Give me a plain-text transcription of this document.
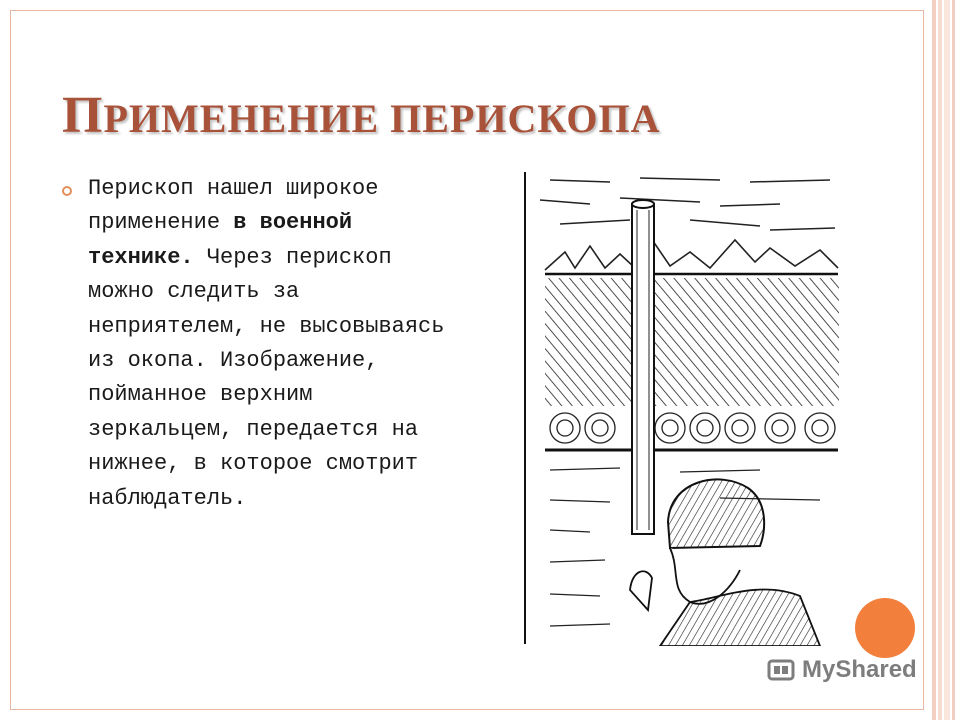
ПРИМЕНЕНИЕ ПЕРИСКОПА
Перископ нашел широкое применение в военной технике. Через перископ можно следить за неприятелем, не высовываясь из окопа. Изображение, пойманное верхним зеркальцем, передается на нижнее, в которое смотрит наблюдатель.
MyShared
